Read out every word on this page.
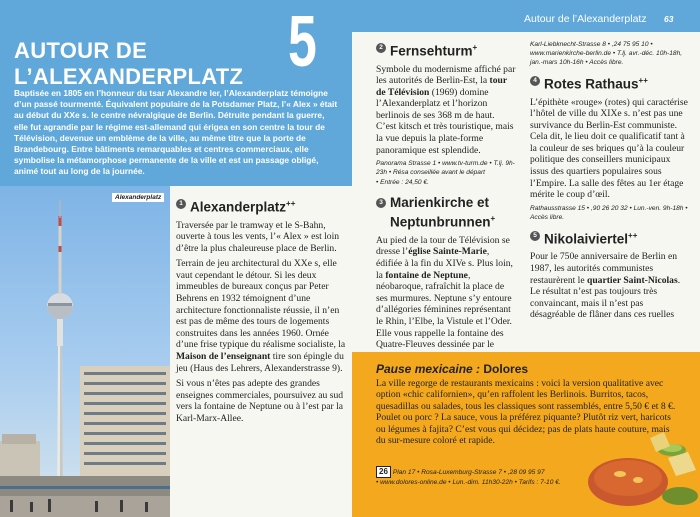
AUTOUR DE
L’ALEXANDERPLATZ 5
Baptisée en 1805 en l’honneur du tsar Alexandre Ier, l’Alexanderplatz témoigne d’un passé tourmenté. Équivalent populaire de la Potsdamer Platz, l’« Alex » était au début du XXe s. le centre névralgique de Berlin. Détruite pendant la guerre, elle fut agrandie par le régime est-allemand qui érigea en son centre la tour de Télévision, devenue un emblème de la ville, au même titre que la porte de Brandebourg. Entre bâtiments remarquables et centres commerciaux, elle symbolise la métamorphose permanente de la ville et est un passage obligé, animé tout au long de la journée.
Alexanderplatz
1 Alexanderplatz++

Traversée par le tramway et le S-Bahn, ouverte à tous les vents, l’« Alex » est loin d’être la plus chaleureuse place de Berlin.

Terrain de jeu architectural du XXe s, elle vaut cependant le détour. Si les deux immeubles de bureaux conçus par Peter Behrens en 1932 témoignent d’une architecture fonctionnaliste réussie, il n’en est pas de même des tours de logements construites dans les années 1960. Ornée d’une frise typique du réalisme socialiste, la Maison de l’enseignant tire son épingle du jeu (Haus des Lehrers, Alexanderstrasse 9).

Si vous n’êtes pas adepte des grandes enseignes commerciales, poursuivez au sud vers la fontaine de Neptune ou à l’est par la Karl-Marx-Allee.

Autour de l’Alexanderplatz 63
2 Fernsehturm+

Symbole du modernisme affiché par les autorités de Berlin-Est, la tour de Télévision (1969) domine l’Alexanderplatz et l’horizon berlinois de ses 368 m de haut. C’est kitsch et très touristique, mais la vue depuis la plate-forme panoramique est splendide.

Panorama Strasse 1 • www.tv-turm.de • T.lj. 9h-23h • Résa conseillée avant le départ

• Entrée : 24,50 €.

3 Marienkirche et
Neptunbrunnen+

Au pied de la tour de Télévision se dresse l’église Sainte-Marie, édifiée à la fin du XIVe s. Plus loin, la fontaine de Neptune, néobaroque, rafraîchit la place de ses murmures. Neptune s’y entoure d’allégories féminines représentant le Rhin, l’Elbe, la Vistule et l’Oder. Elle vous rappelle la fontaine des Quatre-Fleuves dessinée par le

Karl-Liebknecht-Strasse 8 • ,24 75 95 10 • www.marienkirche-berlin.de • T.lj. avr.-déc. 10h-18h, jan.-mars 10h-16h • Accès libre.

4 Rotes Rathaus++

L’épithète «rouge» (rotes) qui caractérise l’hôtel de ville du XIXe s. n’est pas une survivance du Berlin-Est communiste. Cela dit, le lieu doit ce qualificatif tant à la couleur de ses briques qu’à la couleur politique des conseillers municipaux issus des quartiers populaires sous l’Empire. La salle des fêtes au 1er étage mérite le coup d’œil.

Rathausstrasse 15 • ,90 26 20 32 • Lun.-ven. 9h-18h • Accès libre.

5 Nikolaiviertel++

Pour le 750e anniversaire de Berlin en 1987, les autorités communistes restaurèrent le quartier Saint-Nicolas. Le résultat n’est pas toujours très convaincant, mais il n’est pas désagréable de flâner dans ces ruelles

Pause mexicaine : Dolores

La ville regorge de restaurants mexicains : voici la version qualitative avec option «chic californien», qu’en raffolent les Berlinois. Burritos, tacos, quesadillas ou salades, tous les classiques sont rassemblés, entre 5,50 € et 8 €. Poulet ou porc ? La sauce, vous la préférez piquante? Plutôt riz vert, haricots ou légumes à fajita? C’est vous qui décidez; pas de plats haute couture, mais du sur-mesure coloré et rapide.

26 Plan 17 • Rosa-Luxemburg-Strasse 7 • ,28 09 95 97
• www.dolores-online.de • Lun.-dim. 11h30-22h • Tarifs : 7-10 €.
